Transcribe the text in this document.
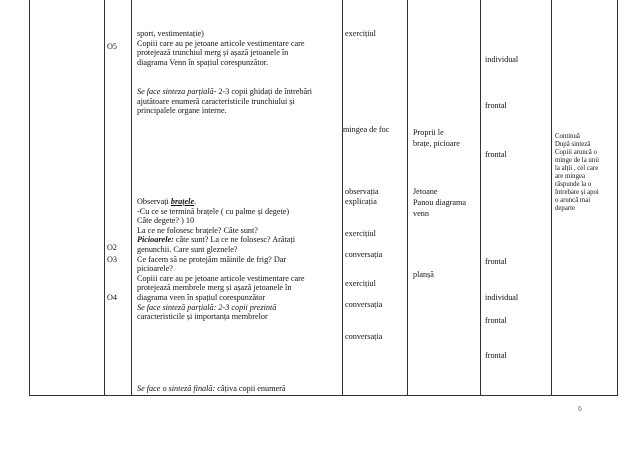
O5
O2
O3
O4
sport, vestimentație)
Copiii care au pe jetoane articole vestimentare care
protejează trunchiul merg și așază jetoanele în
diagrama Venn în spațiul corespunzător.
Se face sinteza parțială- 2-3 copii ghidați de întrebări
ajutătoare enumeră caracteristicile trunchiului și
principalele organe interne.
Observați brațele.
-Cu ce se termină brațele ( cu palme și degete)
Câte degete? ) 10
La ce ne folosesc brațele? Câte sunt?
Picioarele: câte sunt? La ce ne folosesc? Arătați
genunchii. Care sunt gleznele?
Ce facem să ne protejăm mâinile de frig? Dar
picioarele?
Copiii care au pe jetoane articole vestimentare care
protejează membrele merg și așază jetoanele în
diagrama veen în spațiul corespunzător
Se face sinteză parțială: 2-3 copii prezintă
caracteristicile și importanța membrelor
Se face o sinteză finală: câțiva copii enumeră
exercițiul
mingea de foc
observația
explicația
exercițiul
conversația
exercițiul
conversația
conversația
Proprii le
brațe, picioare
Jetoane
Panou diagrama
venn
planșă
individual
frontal
frontal
frontal
individual
frontal
frontal
Continuă
După sinteză
Copiii aruncă o
minge de la unii
la alții , cel care
are mingea
răspunde la o
întrebare și apoi
o aruncă mai
departe
6
